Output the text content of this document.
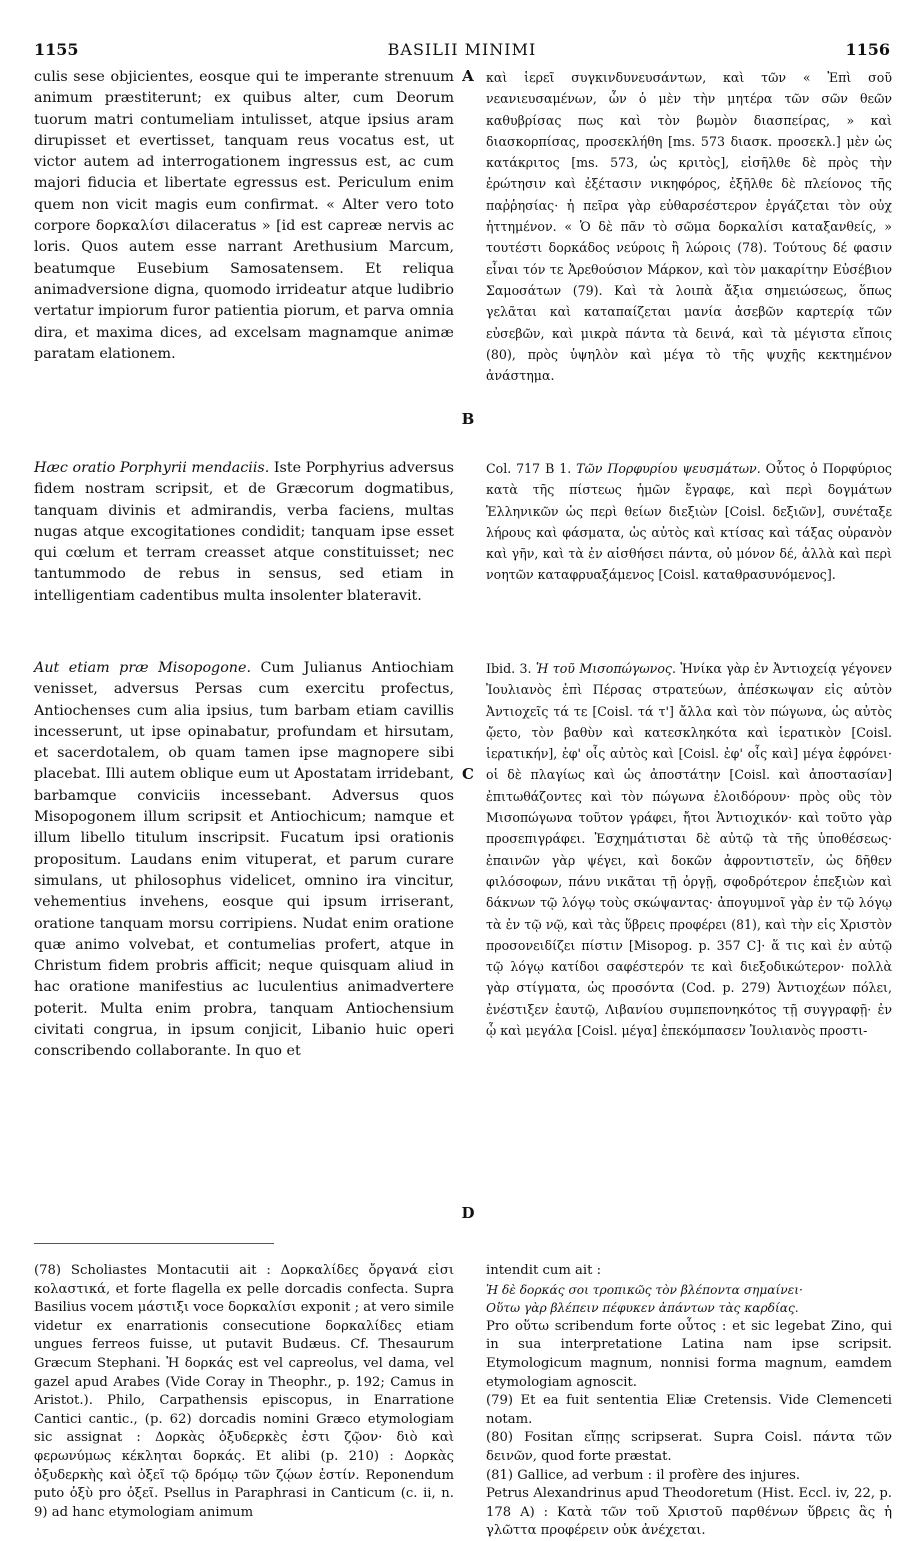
1155	BASILII MINIMI	1156

culis sese objicientes, eosque qui te imperante strenuum animum præstiterunt; ex quibus alter, cum Deorum tuorum matri contumeliam intulisset, atque ipsius aram dirupisset et evertisset, tanquam reus vocatus est, ut victor autem ad interrogationem ingressus est, ac cum majori fiducia et libertate egressus est. Periculum enim quem non vicit magis eum confirmat. « Alter vero toto corpore δορκαλίσι dilaceratus » [id est capreæ nervis ac loris. Quos autem esse narrant Arethusium Marcum, beatumque Eusebium Samosatensem. Et reliqua animadversione digna, quomodo irrideatur atque ludibrio vertatur impiorum furor patientia piorum, et parva omnia dira, et maxima dices, ad excelsam magnamque animæ paratam elationem.

Hæc oratio Porphyrii mendaciis. Iste Porphyrius adversus fidem nostram scripsit, et de Græcorum dogmatibus, tanquam divinis et admirandis, verba faciens, multas nugas atque excogitationes condidit; tanquam ipse esset qui cœlum et terram creasset atque constituisset; nec tantummodo de rebus in sensus, sed etiam in intelligentiam cadentibus multa insolenter blateravit.

Aut etiam præ Misopogone. Cum Julianus Antiochiam venisset, adversus Persas cum exercitu profectus, Antiochenses cum alia ipsius, tum barbam etiam cavillis incesserunt, ut ipse opinabatur, profundam et hirsutam, et sacerdotalem, ob quam tamen ipse magnopere sibi placebat. Illi autem oblique eum ut Apostatam irridebant, barbamque conviciis incessebant. Adversus quos Misopogonem illum scripsit et Antiochicum; namque et illum libello titulum inscripsit. Fucatum ipsi orationis propositum. Laudans enim vituperat, et parum curare simulans, ut philosophus videlicet, omnino ira vincitur, vehementius invehens, eosque qui ipsum irriserant, oratione tanquam morsu corripiens. Nudat enim oratione quæ animo volvebat, et contumelias profert, atque in Christum fidem probris afficit; neque quisquam aliud in hac oratione manifestius ac luculentius animadvertere poterit. Multa enim probra, tanquam Antiochensium civitati congrua, in ipsum conjicit, Libanio huic operi conscribendo collaborante. In quo et

A
B
C
D

καὶ ἱερεῖ συγκινδυνευσάντων, καὶ τῶν « Ἐπὶ σοῦ νεανιευσαμένων, ὧν ὁ μὲν τὴν μητέρα τῶν σῶν θεῶν καθυβρίσας πως καὶ τὸν βωμὸν διασπείρας, » καὶ διασκορπίσας, προσεκλήθη [ms. 573 διασκ. προσεκλ.] μὲν ὡς κατάκριτος [ms. 573, ὡς κριτὸς], εἰσῆλθε δὲ πρὸς τὴν ἐρώτησιν καὶ ἐξέτασιν νικηφόρος, ἐξῆλθε δὲ πλείονος τῆς παῤῥησίας· ἡ πεῖρα γὰρ εὐθαρσέστερον ἐργάζεται τὸν οὐχ ἡττημένον. « Ὁ δὲ πᾶν τὸ σῶμα δορκαλίσι καταξανθείς, » τουτέστι δορκάδος νεύροις ἢ λώροις (78). Τούτους δέ φασιν εἶναι τόν τε Ἀρεθούσιον Μάρκον, καὶ τὸν μακαρίτην Εὐσέβιον Σαμοσάτων (79). Καὶ τὰ λοιπὰ ἄξια σημειώσεως, ὅπως γελᾶται καὶ καταπαίζεται μανία ἀσεβῶν καρτερίᾳ τῶν εὐσεβῶν, καὶ μικρὰ πάντα τὰ δεινά, καὶ τὰ μέγιστα εἴποις (80), πρὸς ὑψηλὸν καὶ μέγα τὸ τῆς ψυχῆς κεκτημένον ἀνάστημα.

Col. 717 B 1. Τῶν Πορφυρίου ψευσμάτων. Οὗτος ὁ Πορφύριος κατὰ τῆς πίστεως ἡμῶν ἔγραφε, καὶ περὶ δογμάτων Ἑλληνικῶν ὡς περὶ θείων διεξιὼν [Coisl. δεξιῶν], συνέταξε λήρους καὶ φάσματα, ὡς αὐτὸς καὶ κτίσας καὶ τάξας οὐρανὸν καὶ γῆν, καὶ τὰ ἐν αἰσθήσει πάντα, οὐ μόνον δέ, ἀλλὰ καὶ περὶ νοητῶν καταφρυαξάμενος [Coisl. καταθρασυνόμενος].

Ibid. 3. Ἡ τοῦ Μισοπώγωνος. Ἡνίκα γὰρ ἐν Ἀντιοχείᾳ γέγονεν Ἰουλιανὸς ἐπὶ Πέρσας στρατεύων, ἀπέσκωψαν εἰς αὐτὸν Ἀντιοχεῖς τά τε [Coisl. τά τ'] ἄλλα καὶ τὸν πώγωνα, ὡς αὐτὸς ᾤετο, τὸν βαθὺν καὶ κατεσκληκότα καὶ ἱερατικὸν [Coisl. ἱερατικήν], ἐφ' οἷς αὐτὸς καὶ [Coisl. ἐφ' οἷς καὶ] μέγα ἐφρόνει· οἱ δὲ πλαγίως καὶ ὡς ἀποστάτην [Coisl. καὶ ἀποστασίαν] ἐπιτωθάζοντες καὶ τὸν πώγωνα ἐλοιδόρουν· πρὸς οὓς τὸν Μισοπώγωνα τοῦτον γράφει, ἤτοι Ἀντιοχικόν· καὶ τοῦτο γὰρ προσεπιγράφει. Ἐσχημάτισται δὲ αὐτῷ τὰ τῆς ὑποθέσεως· ἐπαινῶν γὰρ ψέγει, καὶ δοκῶν ἀφροντιστεῖν, ὡς δῆθεν φιλόσοφων, πάνυ νικᾶται τῇ ὀργῇ, σφοδρότερον ἐπεξιὼν καὶ δάκνων τῷ λόγῳ τοὺς σκώψαντας· ἀπογυμνοῖ γὰρ ἐν τῷ λόγῳ τὰ ἐν τῷ νῷ, καὶ τὰς ὕβρεις προφέρει (81), καὶ τὴν εἰς Χριστὸν προσονειδίζει πίστιν [Misopog. p. 357 C]· ἅ τις καὶ ἐν αὐτῷ τῷ λόγῳ κατίδοι σαφέστερόν τε καὶ διεξοδικώτερον· πολλὰ γὰρ στίγματα, ὡς προσόντα (Cod. p. 279) Ἀντιοχέων πόλει, ἐνέστιξεν ἑαυτῷ, Λιβανίου συμπεπονηκότος τῇ συγγραφῇ· ἐν ᾧ καὶ μεγάλα [Coisl. μέγα] ἐπεκόμπασεν Ἰουλιανὸς προστι-

(78) Scholiastes Montacutii ait : Δορκαλίδες ὄργανά εἰσι κολαστικά, et forte flagella ex pelle dorcadis confecta. Supra Basilius vocem μάστιξι voce δορκαλίσι exponit ; at vero simile videtur ex enarrationis consecutione δορκαλίδες etiam ungues ferreos fuisse, ut putavit Budæus. Cf. Thesaurum Græcum Stephani. Ἡ δορκάς est vel capreolus, vel dama, vel gazel apud Arabes (Vide Coray in Theophr., p. 192; Camus in Aristot.). Philo, Carpathensis episcopus, in Enarratione Cantici cantic., (p. 62) dorcadis nomini Græco etymologiam sic assignat : Δορκὰς ὀξυδερκὲς ἐστι ζῷον· διὸ καὶ φερωνύμως κέκληται δορκάς. Et alibi (p. 210) : Δορκὰς ὀξυδερκὴς καὶ ὀξεῖ τῷ δρόμῳ τῶν ζῴων ἐστίν. Reponendum puto ὀξὺ pro ὀξεῖ. Psellus in Paraphrasi in Canticum (c. ii, n. 9) ad hanc etymologiam animum

intendit cum ait :

Ἡ δὲ δορκάς σοι τροπικῶς τὸν βλέποντα σημαίνει·

Οὕτω γὰρ βλέπειν πέφυκεν ἀπάντων τὰς καρδίας.

Pro οὕτω scribendum forte οὗτος : et sic legebat Zino, qui in sua interpretatione Latina nam ipse scripsit. Etymologicum magnum, nonnisi forma magnum, eamdem etymologiam agnoscit.

(79) Et ea fuit sententia Eliæ Cretensis. Vide Clemenceti notam.

(80) Fositan εἴπῃς scripserat. Supra Coisl. πάντα τῶν δεινῶν, quod forte præstat.

(81) Gallice, ad verbum : il profère des injures.

Petrus Alexandrinus apud Theodoretum (Hist. Eccl. iv, 22, p. 178 A) : Κατὰ τῶν τοῦ Χριστοῦ παρθένων ὕβρεις ἃς ἡ γλῶττα προφέρειν οὐκ ἀνέχεται.
